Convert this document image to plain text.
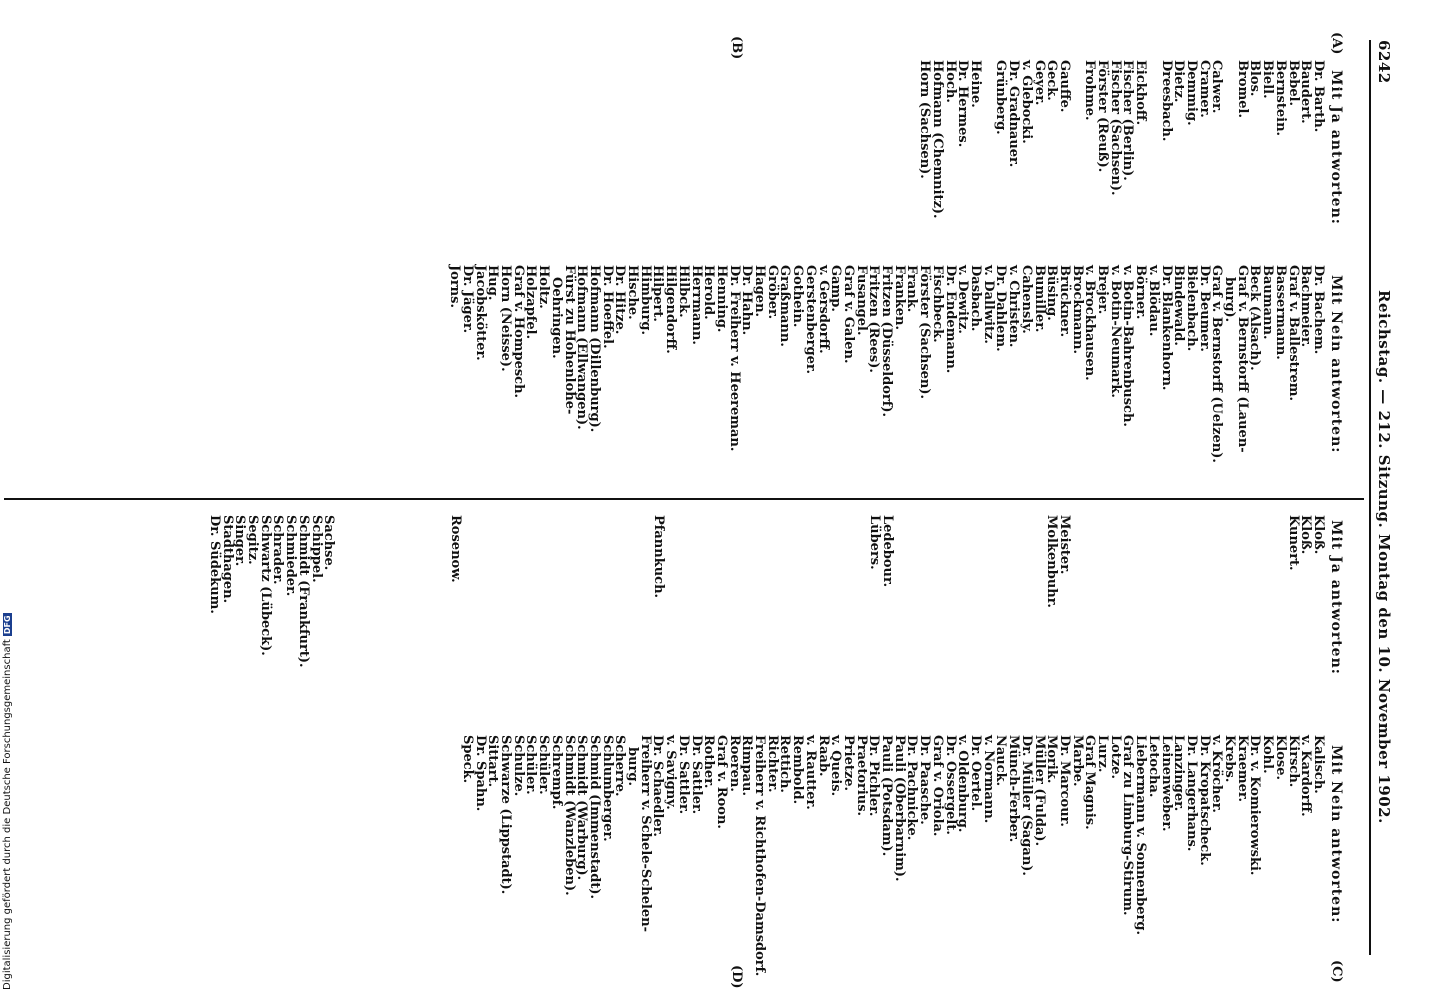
6242
Reichstag. — 212. Sitzung. Montag den 10. November 1902.
(A)
(B)
(C)
(D)
Mit Ja antworten:
Dr. Barth.
Baudert.
Bebel.
Bernstein.
Biell.
Blos.
Bromel.
Calwer.
Cramer.
Demmig.
Dietz.
Dreesbach.
Eickhoff.
Fischer (Berlin).
Fischer (Sachsen).
Förster (Reuß).
Frohme.
Gauffe.
Geck.
Geyer.
v. Glebocki.
Dr. Gradnauer.
Grünberg.
Heine.
Dr. Hermes.
Hoch.
Hofmann (Chemnitz).
Horn (Sachsen).
Mit Nein antworten:
Dr. Bachem.
Bachmeier.
Graf v. Ballestrem.
Bassermann.
Baumann.
Beck (Alsach).
Graf v. Bernstorff (Lauen-
burg).
Graf v. Bernstorff (Uelzen).
Dr. Beumer.
Bielenbach.
Bindewald.
Dr. Blankenhorn.
v. Blödau.
Börner.
v. Botin-Bahrenbusch.
v. Botin-Neumark.
Brejer.
v. Brockhausen.
Brockmann.
Brückner.
Büsing.
Bumiller.
Cahensly.
v. Christen.
Dr. Dahlem.
v. Dallwitz.
Dasbach.
v. Dewitz.
Dr. Endemann.
Fischbeck.
Förster (Sachsen).
Frank.
Franken.
Fritzen (Düsseldorf).
Fritzen (Rees).
Fusangel.
Graf v. Galen.
Gamp.
v. Gersdorff.
Gerstenberger.
Gothein.
Graßmann.
Gröber.
Hagen.
Dr. Hahn.
Dr. Freiherr v. Heereman.
Henning.
Herold.
Herrmann.
Hilbck.
Hilgendorff.
Hilpert.
Himburg.
Hische.
Dr. Hitze.
Dr. Hoeffel.
Hofmann (Dillenburg).
Hofmann (Ellwangen).
Fürst zu Hohenlohe-
Oehringen.
Holtz.
Holzapfel.
Graf v. Hompesch.
Horn (Neisse).
Hug.
Jacobskötter.
Dr. Jäger.
Jorns.
Mit Ja antworten:
Kloß.
Kloß.
Kunert.
Meister.
Molkenbuhr.
Ledebour.
Lübers.
Pfannkuch.
Rosenow.
Sachse.
Schippel.
Schmidt (Frankfurt).
Schmieder.
Schrader.
Schwartz (Lübeck).
Segitz.
Singer.
Stadthagen.
Dr. Südekum.
Mit Nein antworten:
Kalisch.
v. Kardorff.
Kirsch.
Klose.
Kohl.
Dr. v. Komierowski.
Kraemer.
Krebs.
v. Kröcher.
Dr. Kropatscheck.
Dr. Langerhans.
Lanzinger.
Leinenweber.
Letocha.
Liebermann v. Sonnenberg.
Graf zu Limburg-Stirum.
Lotze.
Lurz.
Graf Magnis.
Marbe.
Dr. Marcour.
Morik.
Müller (Fulda).
Dr. Müller (Sagan).
Münch-Ferber.
Nauck.
v. Normann.
Dr. Oertel.
v. Oldenburg.
Dr. Ossergelt.
Graf v. Oriola.
Dr. Paasche.
Dr. Pachnicke.
Pauli (Oberbarnim).
Pauli (Potsdam).
Dr. Pichler.
Praetorius.
Prietze.
v. Queis.
Raab.
v. Rautter.
Rembold.
Rettich.
Richter.
Freiherr v. Richthofen-Damsdorf.
Rimpau.
Roeren.
Graf v. Roon.
Rother.
Dr. Sattler.
Dr. Sattler.
v. Savigny.
Dr. Schaedler.
Freiherr v. Schele-Schelen-
burg.
Scherre.
Schlumberger.
Schmid (Immenstadt).
Schmidt (Warburg).
Schmidt (Wanzleben).
Schrempf.
Schüler.
Schüler.
Schulze.
Schwarze (Lippstadt).
Sittart.
Dr. Spahn.
Speck.
Digitalisierung gefördert durch die Deutsche ForschungsgemeinschaftDFG
